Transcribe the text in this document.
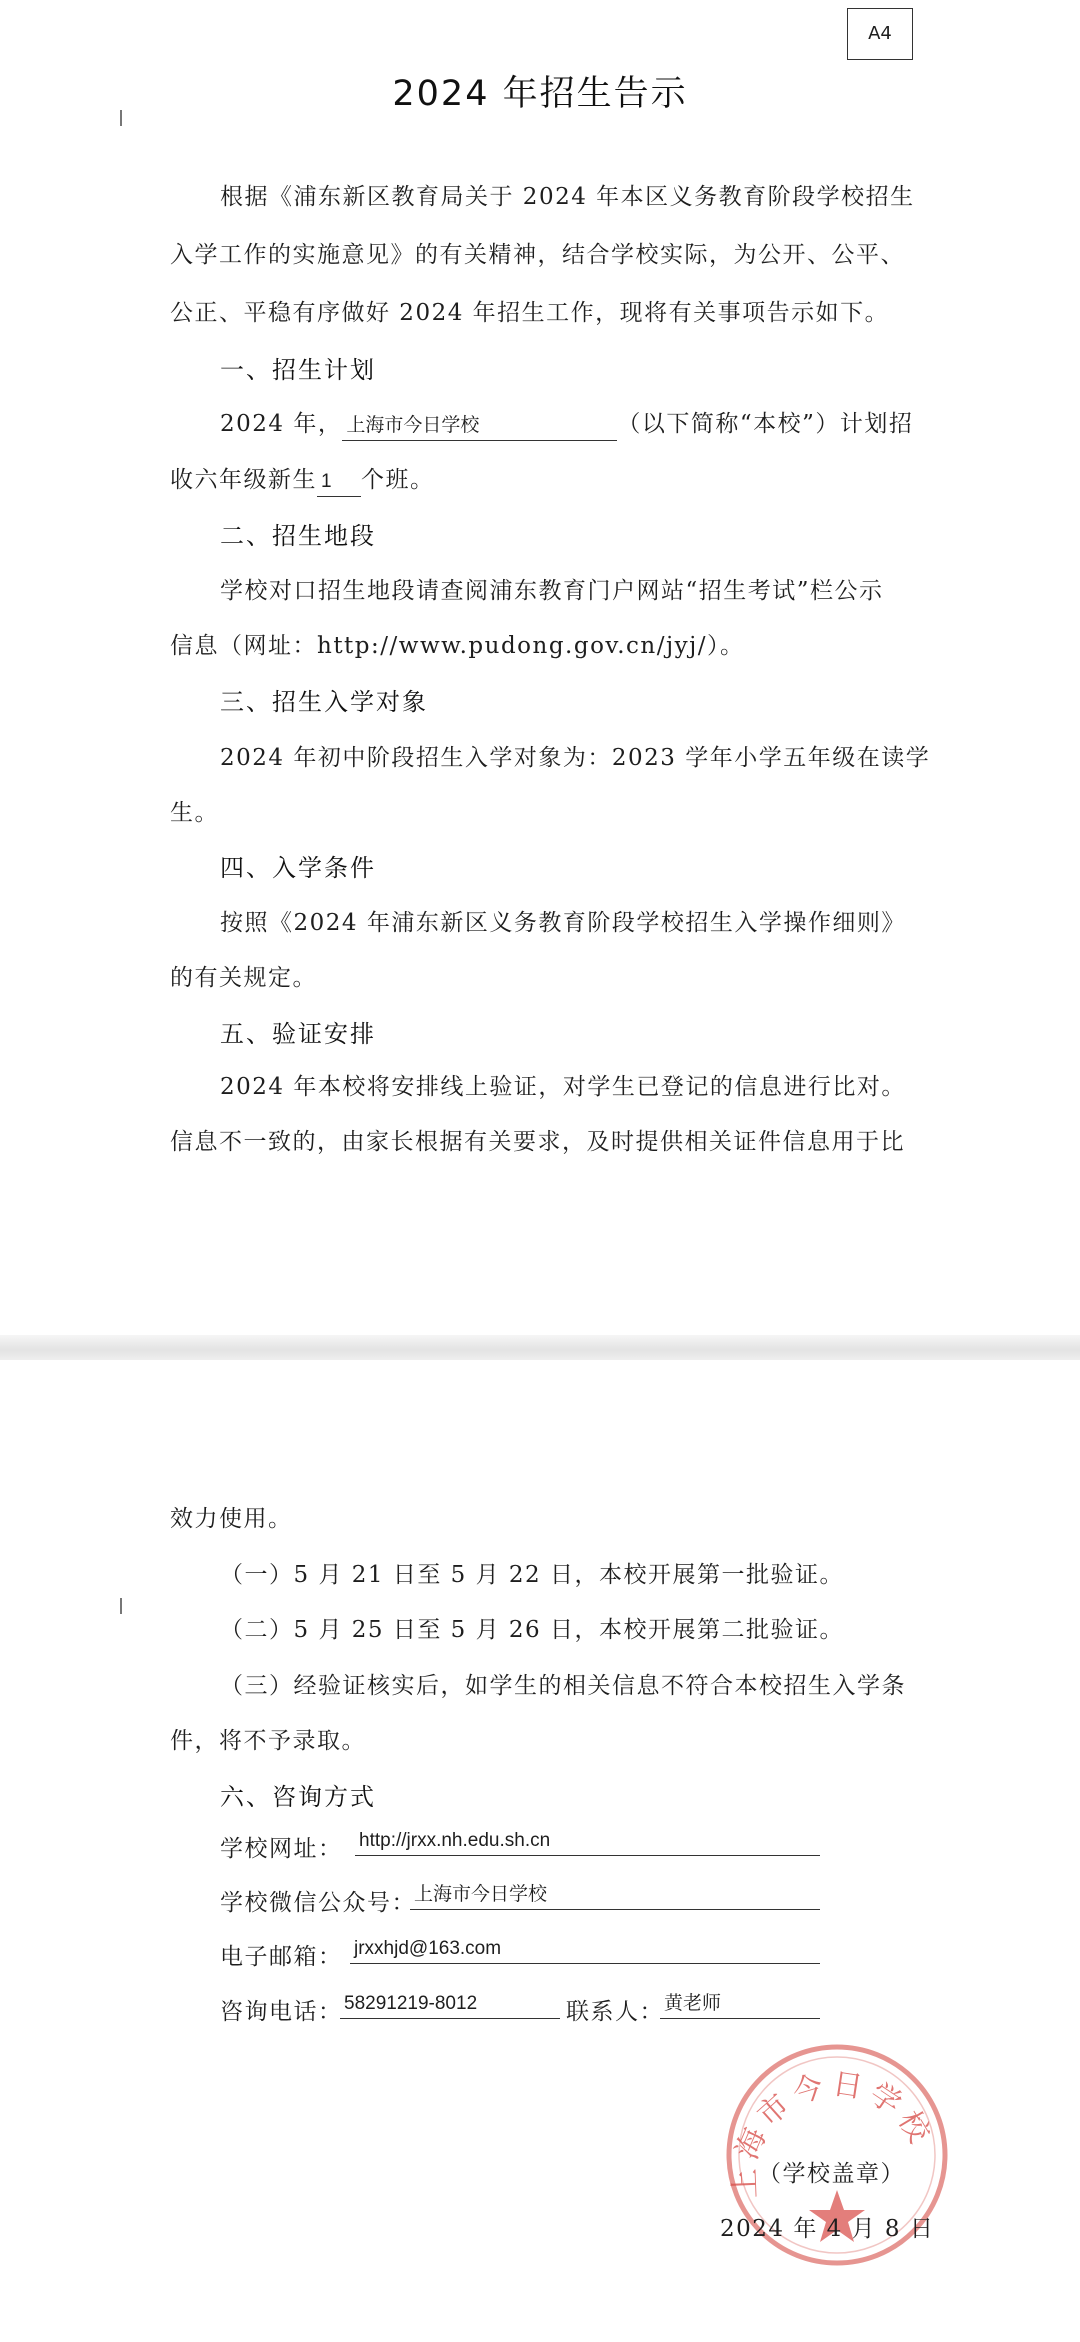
A4
2024 年招生告示
根据《浦东新区教育局关于 2024 年本区义务教育阶段学校招生
入学工作的实施意见》的有关精神，结合学校实际，为公开、公平、
公正、平稳有序做好 2024 年招生工作，现将有关事项告示如下。
一、招生计划
2024 年， 上海市今日学校	（以下简称“本校”）计划招
收六年级新生 1 个班。
二、招生地段
学校对口招生地段请查阅浦东教育门户网站“招生考试”栏公示
信息（网址：http://www.pudong.gov.cn/jyj/）。
三、招生入学对象
2024 年初中阶段招生入学对象为：2023 学年小学五年级在读学
生。
四、入学条件
按照《2024 年浦东新区义务教育阶段学校招生入学操作细则》
的有关规定。
五、验证安排
2024 年本校将安排线上验证，对学生已登记的信息进行比对。
信息不一致的，由家长根据有关要求，及时提供相关证件信息用于比
效力使用。
（一）5 月 21 日至 5 月 22 日，本校开展第一批验证。
（二）5 月 25 日至 5 月 26 日，本校开展第二批验证。
（三）经验证核实后，如学生的相关信息不符合本校招生入学条
件，将不予录取。
六、咨询方式
学校网址： http://jrxx.nh.edu.sh.cn
学校微信公众号：
上海市今日学校
电子邮箱： jrxxhjd@163.com
咨询电话： 58291219-8012	联系人： 黄老师
上海市今日学校
（学校盖章）
2024 年 4 月 8 日
